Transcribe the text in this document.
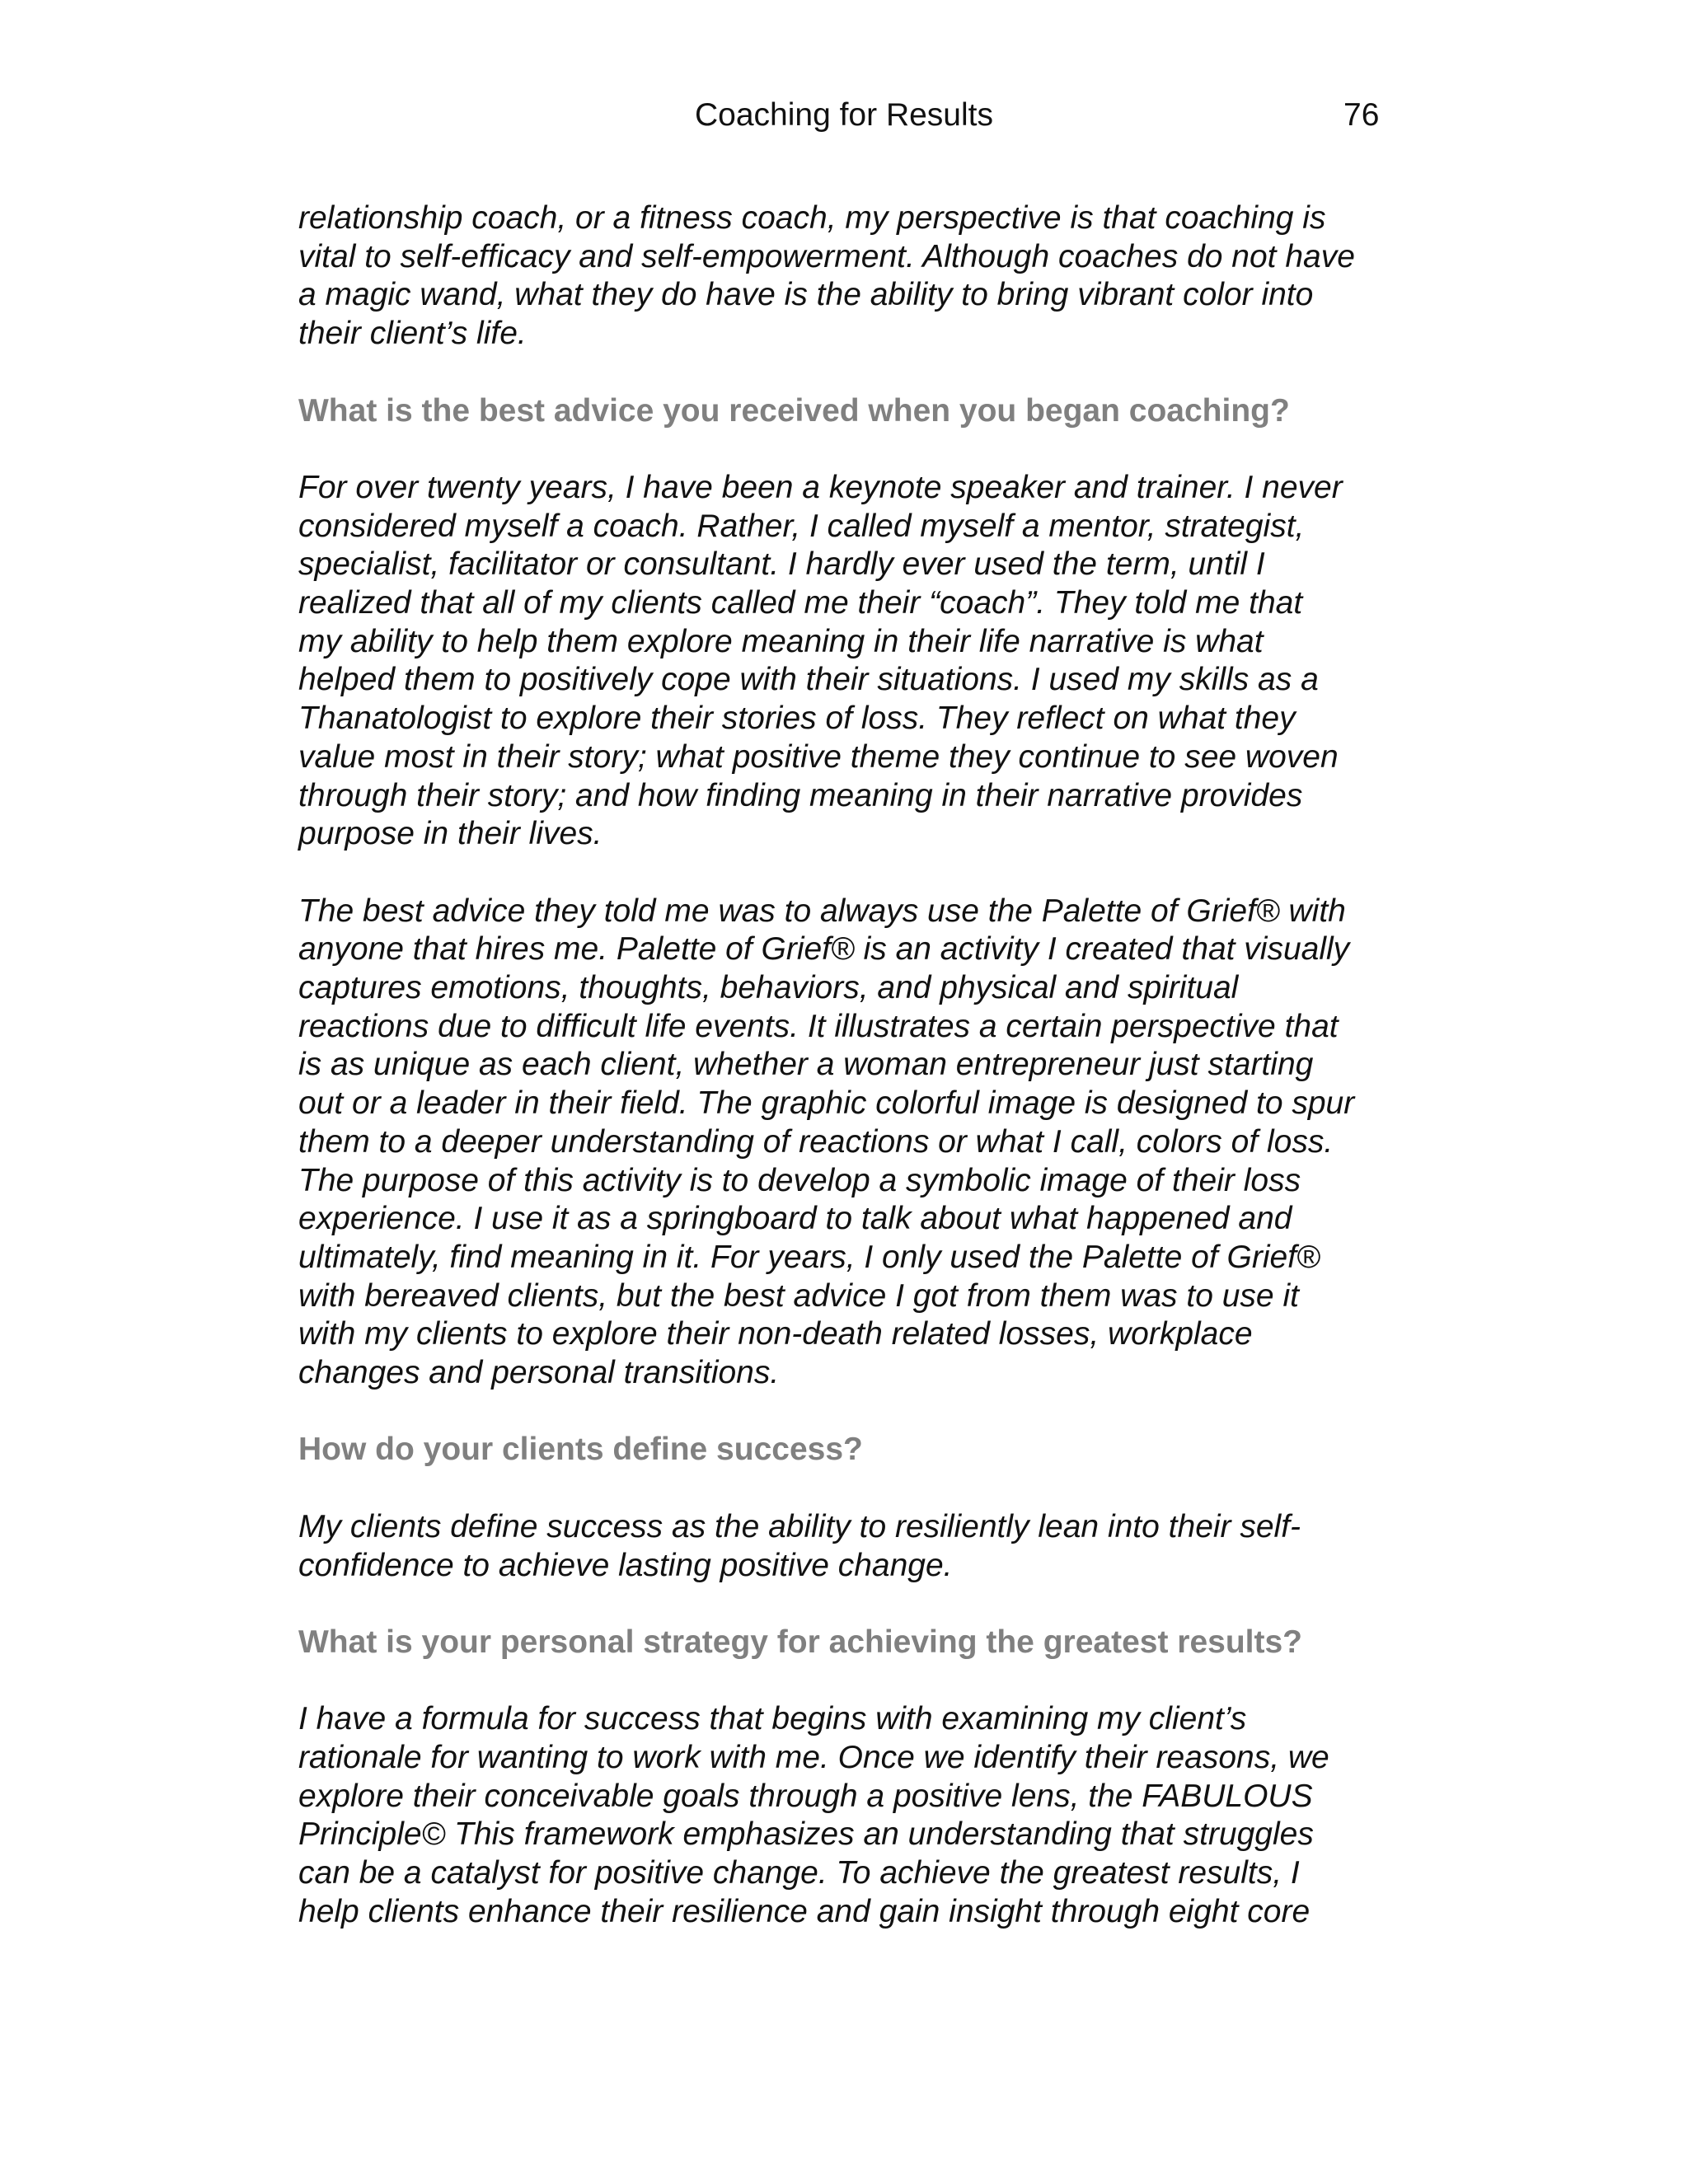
Coaching for Results	76

relationship coach, or a fitness coach, my perspective is that coaching is
vital to self-efficacy and self-empowerment. Although coaches do not have
a magic wand, what they do have is the ability to bring vibrant color into
their client’s life.

What is the best advice you received when you began coaching?

For over twenty years, I have been a keynote speaker and trainer. I never
considered myself a coach. Rather, I called myself a mentor, strategist,
specialist, facilitator or consultant. I hardly ever used the term, until I
realized that all of my clients called me their “coach”. They told me that
my ability to help them explore meaning in their life narrative is what
helped them to positively cope with their situations. I used my skills as a
Thanatologist to explore their stories of loss. They reflect on what they
value most in their story; what positive theme they continue to see woven
through their story; and how finding meaning in their narrative provides
purpose in their lives.

The best advice they told me was to always use the Palette of Grief® with
anyone that hires me. Palette of Grief® is an activity I created that visually
captures emotions, thoughts, behaviors, and physical and spiritual
reactions due to difficult life events. It illustrates a certain perspective that
is as unique as each client, whether a woman entrepreneur just starting
out or a leader in their field. The graphic colorful image is designed to spur
them to a deeper understanding of reactions or what I call, colors of loss.
The purpose of this activity is to develop a symbolic image of their loss
experience. I use it as a springboard to talk about what happened and
ultimately, find meaning in it. For years, I only used the Palette of Grief®
with bereaved clients, but the best advice I got from them was to use it
with my clients to explore their non-death related losses, workplace
changes and personal transitions.

How do your clients define success?

My clients define success as the ability to resiliently lean into their self-
confidence to achieve lasting positive change.

What is your personal strategy for achieving the greatest results?

I have a formula for success that begins with examining my client’s
rationale for wanting to work with me. Once we identify their reasons, we
explore their conceivable goals through a positive lens, the FABULOUS
Principle© This framework emphasizes an understanding that struggles
can be a catalyst for positive change. To achieve the greatest results, I
help clients enhance their resilience and gain insight through eight core
